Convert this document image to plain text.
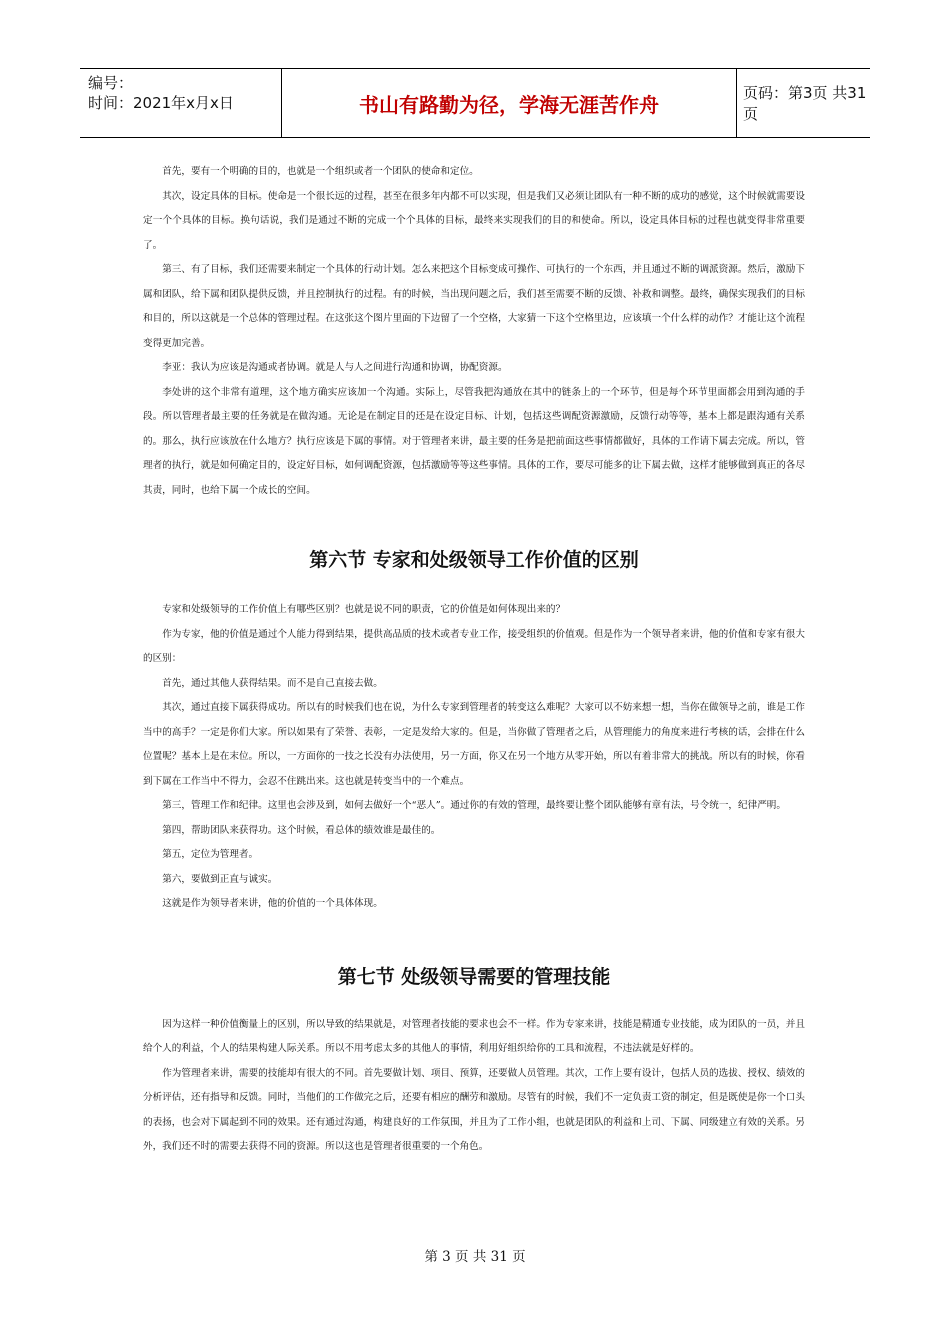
编号：
时间：2021年x月x日	书山有路勤为径，学海无涯苦作舟	页码：第3页 共31页

首先，要有一个明确的目的，也就是一个组织或者一个团队的使命和定位。

其次，设定具体的目标。使命是一个很长远的过程，甚至在很多年内都不可以实现，但是我们又必须让团队有一种不断的成功的感觉，这个时候就需要设定一个个具体的目标。换句话说，我们是通过不断的完成一个个具体的目标，最终来实现我们的目的和使命。所以，设定具体目标的过程也就变得非常重要了。

第三、有了目标，我们还需要来制定一个具体的行动计划。怎么来把这个目标变成可操作、可执行的一个东西，并且通过不断的调派资源。然后，激励下属和团队，给下属和团队提供反馈，并且控制执行的过程。有的时候，当出现问题之后，我们甚至需要不断的反馈、补救和调整。最终，确保实现我们的目标和目的，所以这就是一个总体的管理过程。在这张这个图片里面的下边留了一个空格，大家猜一下这个空格里边，应该填一个什么样的动作？才能让这个流程变得更加完善。

李亚：我认为应该是沟通或者协调。就是人与人之间进行沟通和协调，协配资源。

李处讲的这个非常有道理，这个地方确实应该加一个沟通。实际上，尽管我把沟通放在其中的链条上的一个环节，但是每个环节里面都会用到沟通的手段。所以管理者最主要的任务就是在做沟通。无论是在制定目的还是在设定目标、计划，包括这些调配资源激励，反馈行动等等，基本上都是跟沟通有关系的。那么，执行应该放在什么地方？执行应该是下属的事情。对于管理者来讲，最主要的任务是把前面这些事情都做好，具体的工作请下属去完成。所以，管理者的执行，就是如何确定目的，设定好目标，如何调配资源，包括激励等等这些事情。具体的工作，要尽可能多的让下属去做，这样才能够做到真正的各尽其责，同时，也给下属一个成长的空间。

第六节 专家和处级领导工作价值的区别

专家和处级领导的工作价值上有哪些区别？也就是说不同的职责，它的价值是如何体现出来的？

作为专家，他的价值是通过个人能力得到结果，提供高品质的技术或者专业工作，接受组织的价值观。但是作为一个领导者来讲，他的价值和专家有很大的区别：

首先，通过其他人获得结果。而不是自己直接去做。

其次，通过直接下属获得成功。所以有的时候我们也在说，为什么专家到管理者的转变这么难呢？大家可以不妨来想一想，当你在做领导之前，谁是工作当中的高手？一定是你们大家。所以如果有了荣誉、表彰，一定是发给大家的。但是，当你做了管理者之后，从管理能力的角度来进行考核的话，会排在什么位置呢？基本上是在末位。所以，一方面你的一技之长没有办法使用，另一方面，你又在另一个地方从零开始，所以有着非常大的挑战。所以有的时候，你看到下属在工作当中不得力，会忍不住跳出来。这也就是转变当中的一个难点。

第三，管理工作和纪律。这里也会涉及到，如何去做好一个“恶人”。通过你的有效的管理，最终要让整个团队能够有章有法，号令统一，纪律严明。

第四，帮助团队来获得功。这个时候，看总体的绩效谁是最佳的。

第五，定位为管理者。

第六，要做到正直与诚实。

这就是作为领导者来讲，他的价值的一个具体体现。

第七节 处级领导需要的管理技能

因为这样一种价值衡量上的区别，所以导致的结果就是，对管理者技能的要求也会不一样。作为专家来讲，技能是精通专业技能，成为团队的一员，并且给个人的利益，个人的结果构建人际关系。所以不用考虑太多的其他人的事情，利用好组织给你的工具和流程，不违法就是好样的。

作为管理者来讲，需要的技能却有很大的不同。首先要做计划、项目、预算，还要做人员管理。其次，工作上要有设计，包括人员的选拔、授权、绩效的分析评估，还有指导和反馈。同时，当他们的工作做完之后，还要有相应的酬劳和激励。尽管有的时候，我们不一定负责工资的制定，但是既使是你一个口头的表扬，也会对下属起到不同的效果。还有通过沟通，构建良好的工作氛围，并且为了工作小组，也就是团队的利益和上司、下属、同级建立有效的关系。另外，我们还不时的需要去获得不同的资源。所以这也是管理者很重要的一个角色。

第 3 页 共 31 页
